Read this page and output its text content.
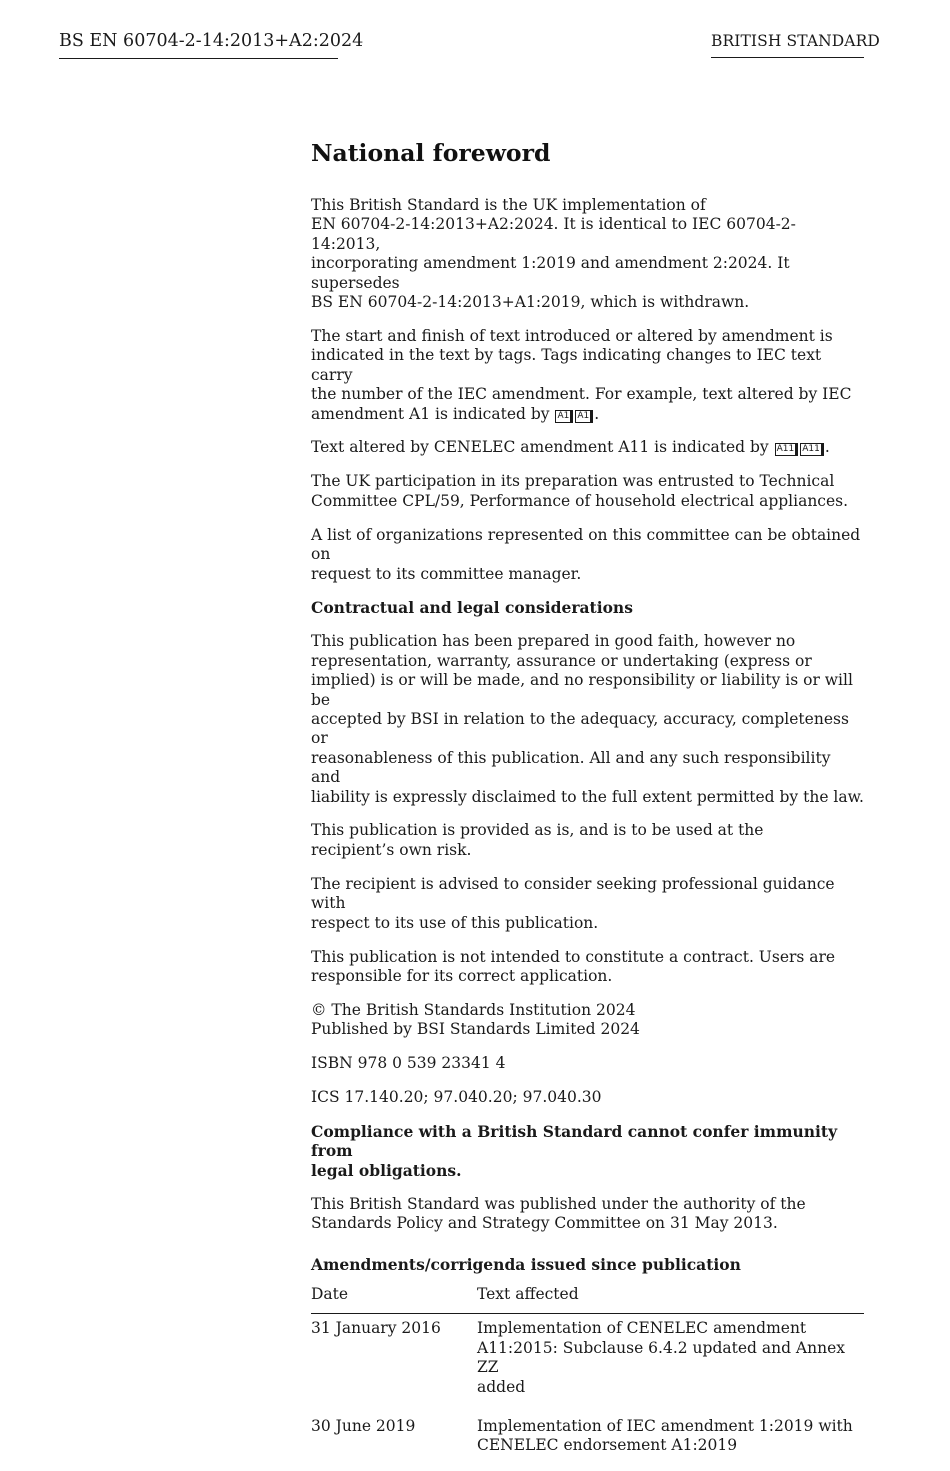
BS EN 60704-2-14:2013+A2:2024	BRITISH STANDARD
National foreword

This British Standard is the UK implementation of
EN 60704-2-14:2013+A2:2024. It is identical to IEC 60704-2-14:2013,
incorporating amendment 1:2019 and amendment 2:2024. It supersedes
BS EN 60704-2-14:2013+A1:2019, which is withdrawn.

The start and finish of text introduced or altered by amendment is
indicated in the text by tags. Tags indicating changes to IEC text carry
the number of the IEC amendment. For example, text altered by IEC
amendment A1 is indicated by A1 A1 .

Text altered by CENELEC amendment A11 is indicated by A11 A11 .

The UK participation in its preparation was entrusted to Technical
Committee CPL/59, Performance of household electrical appliances.

A list of organizations represented on this committee can be obtained on
request to its committee manager.

Contractual and legal considerations

This publication has been prepared in good faith, however no
representation, warranty, assurance or undertaking (express or
implied) is or will be made, and no responsibility or liability is or will be
accepted by BSI in relation to the adequacy, accuracy, completeness or
reasonableness of this publication. All and any such responsibility and
liability is expressly disclaimed to the full extent permitted by the law.

This publication is provided as is, and is to be used at the
recipient’s own risk.

The recipient is advised to consider seeking professional guidance with
respect to its use of this publication.

This publication is not intended to constitute a contract. Users are
responsible for its correct application.

© The British Standards Institution 2024
Published by BSI Standards Limited 2024

ISBN 978 0 539 23341 4

ICS 17.140.20; 97.040.20; 97.040.30

Compliance with a British Standard cannot confer immunity from
legal obligations.

This British Standard was published under the authority of the
Standards Policy and Strategy Committee on 31 May 2013.

Amendments/corrigenda issued since publication
Date	Text affected
31 January 2016	Implementation of CENELEC amendment
A11:2015: Subclause 6.4.2 updated and Annex ZZ
added
30 June 2019	Implementation of IEC amendment 1:2019 with
CENELEC endorsement A1:2019
